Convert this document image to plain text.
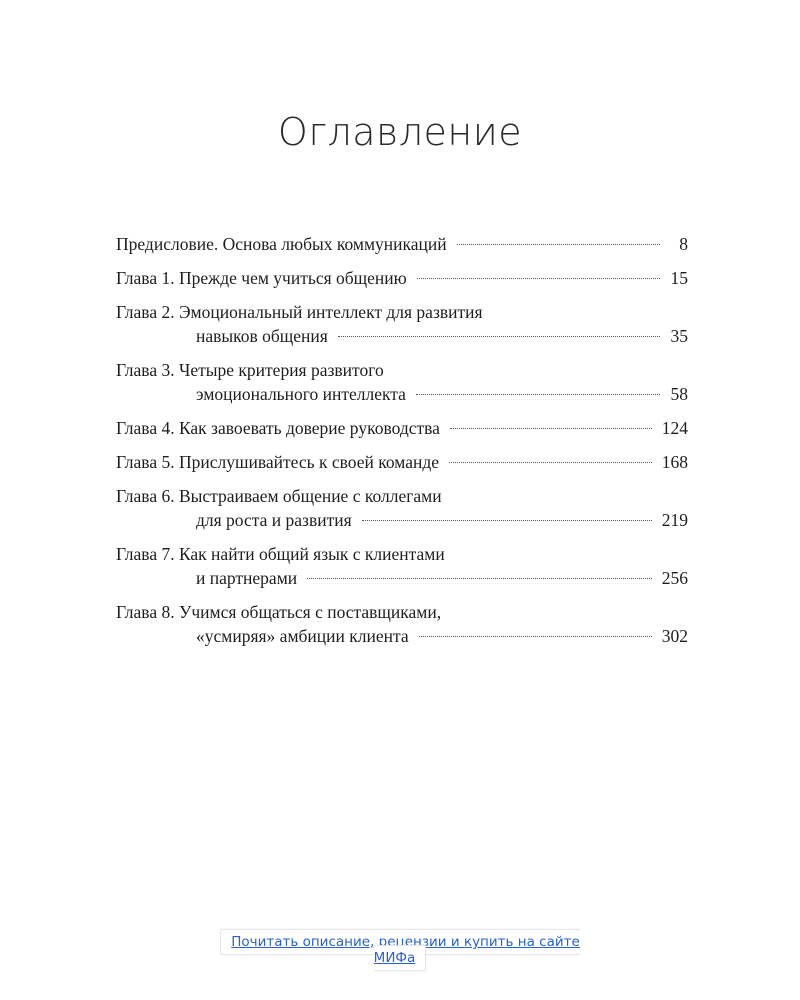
Оглавление
Предисловие. Основа любых коммуникаций	8
Глава 1. Прежде чем учиться общению	15
Глава 2. Эмоциональный интеллект для развития
навыков общения	35
Глава 3. Четыре критерия развитого
эмоционального интеллекта	58
Глава 4. Как завоевать доверие руководства	124
Глава 5. Прислушивайтесь к своей команде	168
Глава 6. Выстраиваем общение с коллегами
для роста и развития	219
Глава 7. Как найти общий язык с клиентами
и партнерами	256
Глава 8. Учимся общаться с поставщиками,
«усмиряя» амбиции клиента	302
Почитать описание, рецензии и купить на сайте МИФа
